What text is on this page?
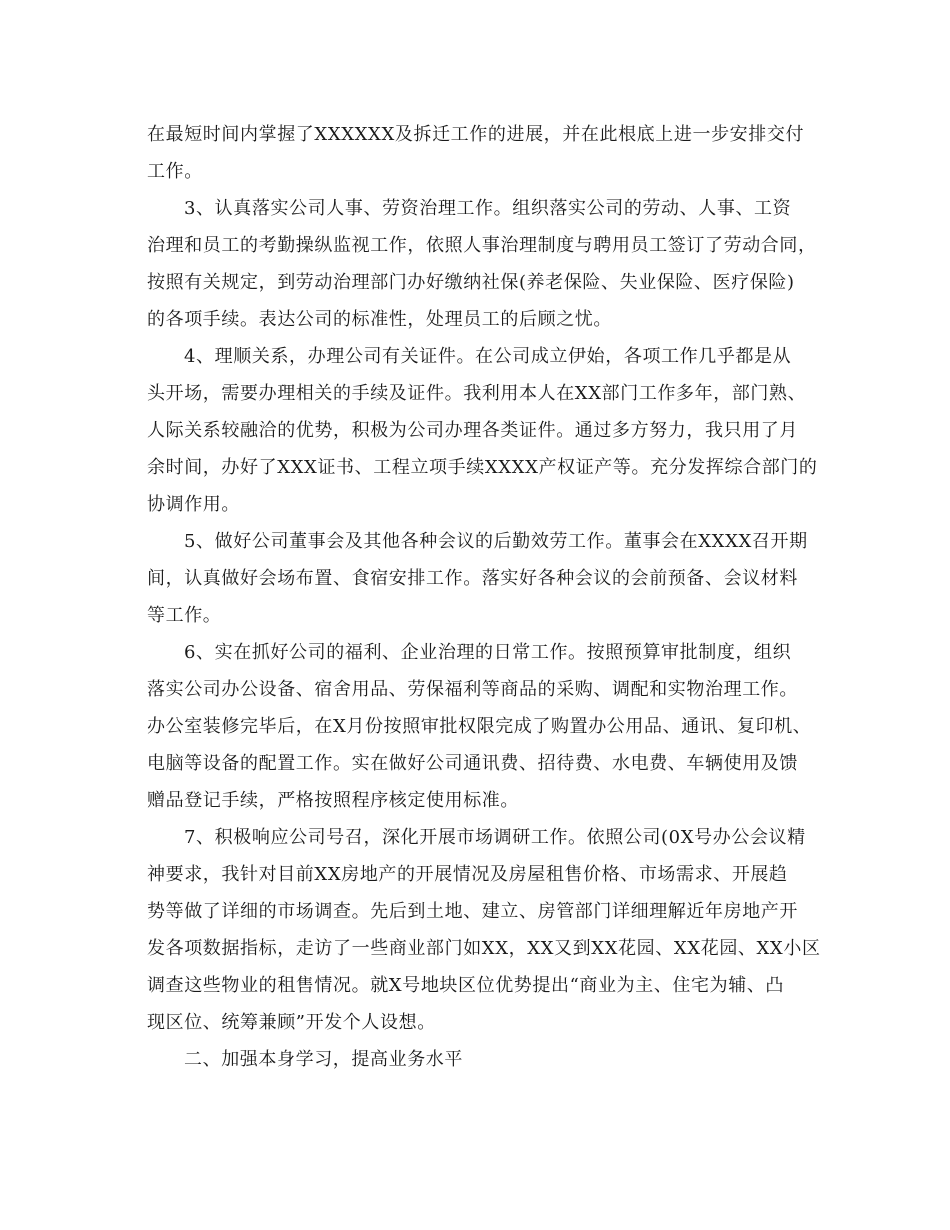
在最短时间内掌握了XXXXXX及拆迁工作的进展，并在此根底上进一步安排交付
工作。
3、认真落实公司人事、劳资治理工作。组织落实公司的劳动、人事、工资
治理和员工的考勤操纵监视工作，依照人事治理制度与聘用员工签订了劳动合同，
按照有关规定，到劳动治理部门办好缴纳社保(养老保险、失业保险、医疗保险)
的各项手续。表达公司的标准性，处理员工的后顾之忧。
4、理顺关系，办理公司有关证件。在公司成立伊始，各项工作几乎都是从
头开场，需要办理相关的手续及证件。我利用本人在XX部门工作多年，部门熟、
人际关系较融洽的优势，积极为公司办理各类证件。通过多方努力，我只用了月
余时间，办好了XXX证书、工程立项手续XXXX产权证产等。充分发挥综合部门的
协调作用。
5、做好公司董事会及其他各种会议的后勤效劳工作。董事会在XXXX召开期
间，认真做好会场布置、食宿安排工作。落实好各种会议的会前预备、会议材料
等工作。
6、实在抓好公司的福利、企业治理的日常工作。按照预算审批制度，组织
落实公司办公设备、宿舍用品、劳保福利等商品的采购、调配和实物治理工作。
办公室装修完毕后，在X月份按照审批权限完成了购置办公用品、通讯、复印机、
电脑等设备的配置工作。实在做好公司通讯费、招待费、水电费、车辆使用及馈
赠品登记手续，严格按照程序核定使用标准。
7、积极响应公司号召，深化开展市场调研工作。依照公司(0X号办公会议精
神要求，我针对目前XX房地产的开展情况及房屋租售价格、市场需求、开展趋
势等做了详细的市场调查。先后到土地、建立、房管部门详细理解近年房地产开
发各项数据指标，走访了一些商业部门如XX，XX又到XX花园、XX花园、XX小区
调查这些物业的租售情况。就X号地块区位优势提出“商业为主、住宅为辅、凸
现区位、统筹兼顾”开发个人设想。
二、加强本身学习，提高业务水平
